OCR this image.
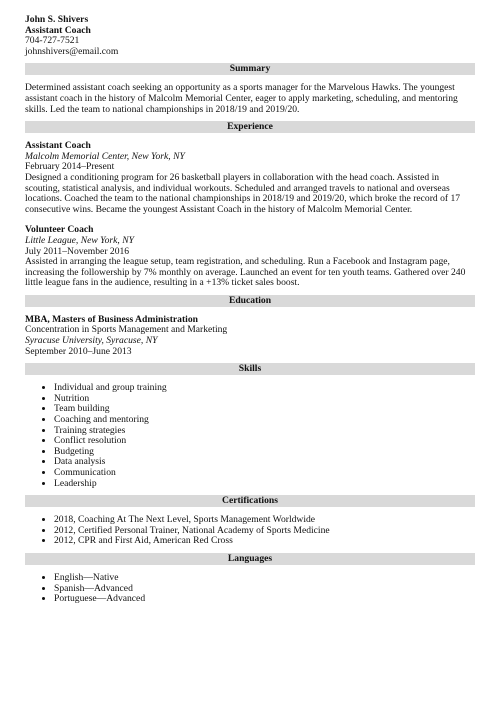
John S. Shivers
Assistant Coach
704-727-7521
johnshivers@email.com
Summary

Determined assistant coach seeking an opportunity as a sports manager for the Marvelous Hawks. The youngest assistant coach in the history of Malcolm Memorial Center, eager to apply marketing, scheduling, and mentoring skills. Led the team to national championships in 2018/19 and 2019/20.

Experience
Assistant Coach
Malcolm Memorial Center, New York, NY
February 2014–Present

Designed a conditioning program for 26 basketball players in collaboration with the head coach. Assisted in scouting, statistical analysis, and individual workouts. Scheduled and arranged travels to national and overseas locations. Coached the team to the national championships in 2018/19 and 2019/20, which broke the record of 17 consecutive wins. Became the youngest Assistant Coach in the history of Malcolm Memorial Center.

Volunteer Coach
Little League, New York, NY
July 2011–November 2016

Assisted in arranging the league setup, team registration, and scheduling. Run a Facebook and Instagram page, increasing the followership by 7% monthly on average. Launched an event for ten youth teams. Gathered over 240 little league fans in the audience, resulting in a +13% ticket sales boost.

Education
MBA, Masters of Business Administration
Concentration in Sports Management and Marketing
Syracuse University, Syracuse, NY
September 2010–June 2013
Skills
• Individual and group training
• Nutrition
• Team building
• Coaching and mentoring
• Training strategies
• Conflict resolution
• Budgeting
• Data analysis
• Communication
• Leadership
Certifications
• 2018, Coaching At The Next Level, Sports Management Worldwide
• 2012, Certified Personal Trainer, National Academy of Sports Medicine
• 2012, CPR and First Aid, American Red Cross
Languages
• English—Native
• Spanish—Advanced
• Portuguese—Advanced
